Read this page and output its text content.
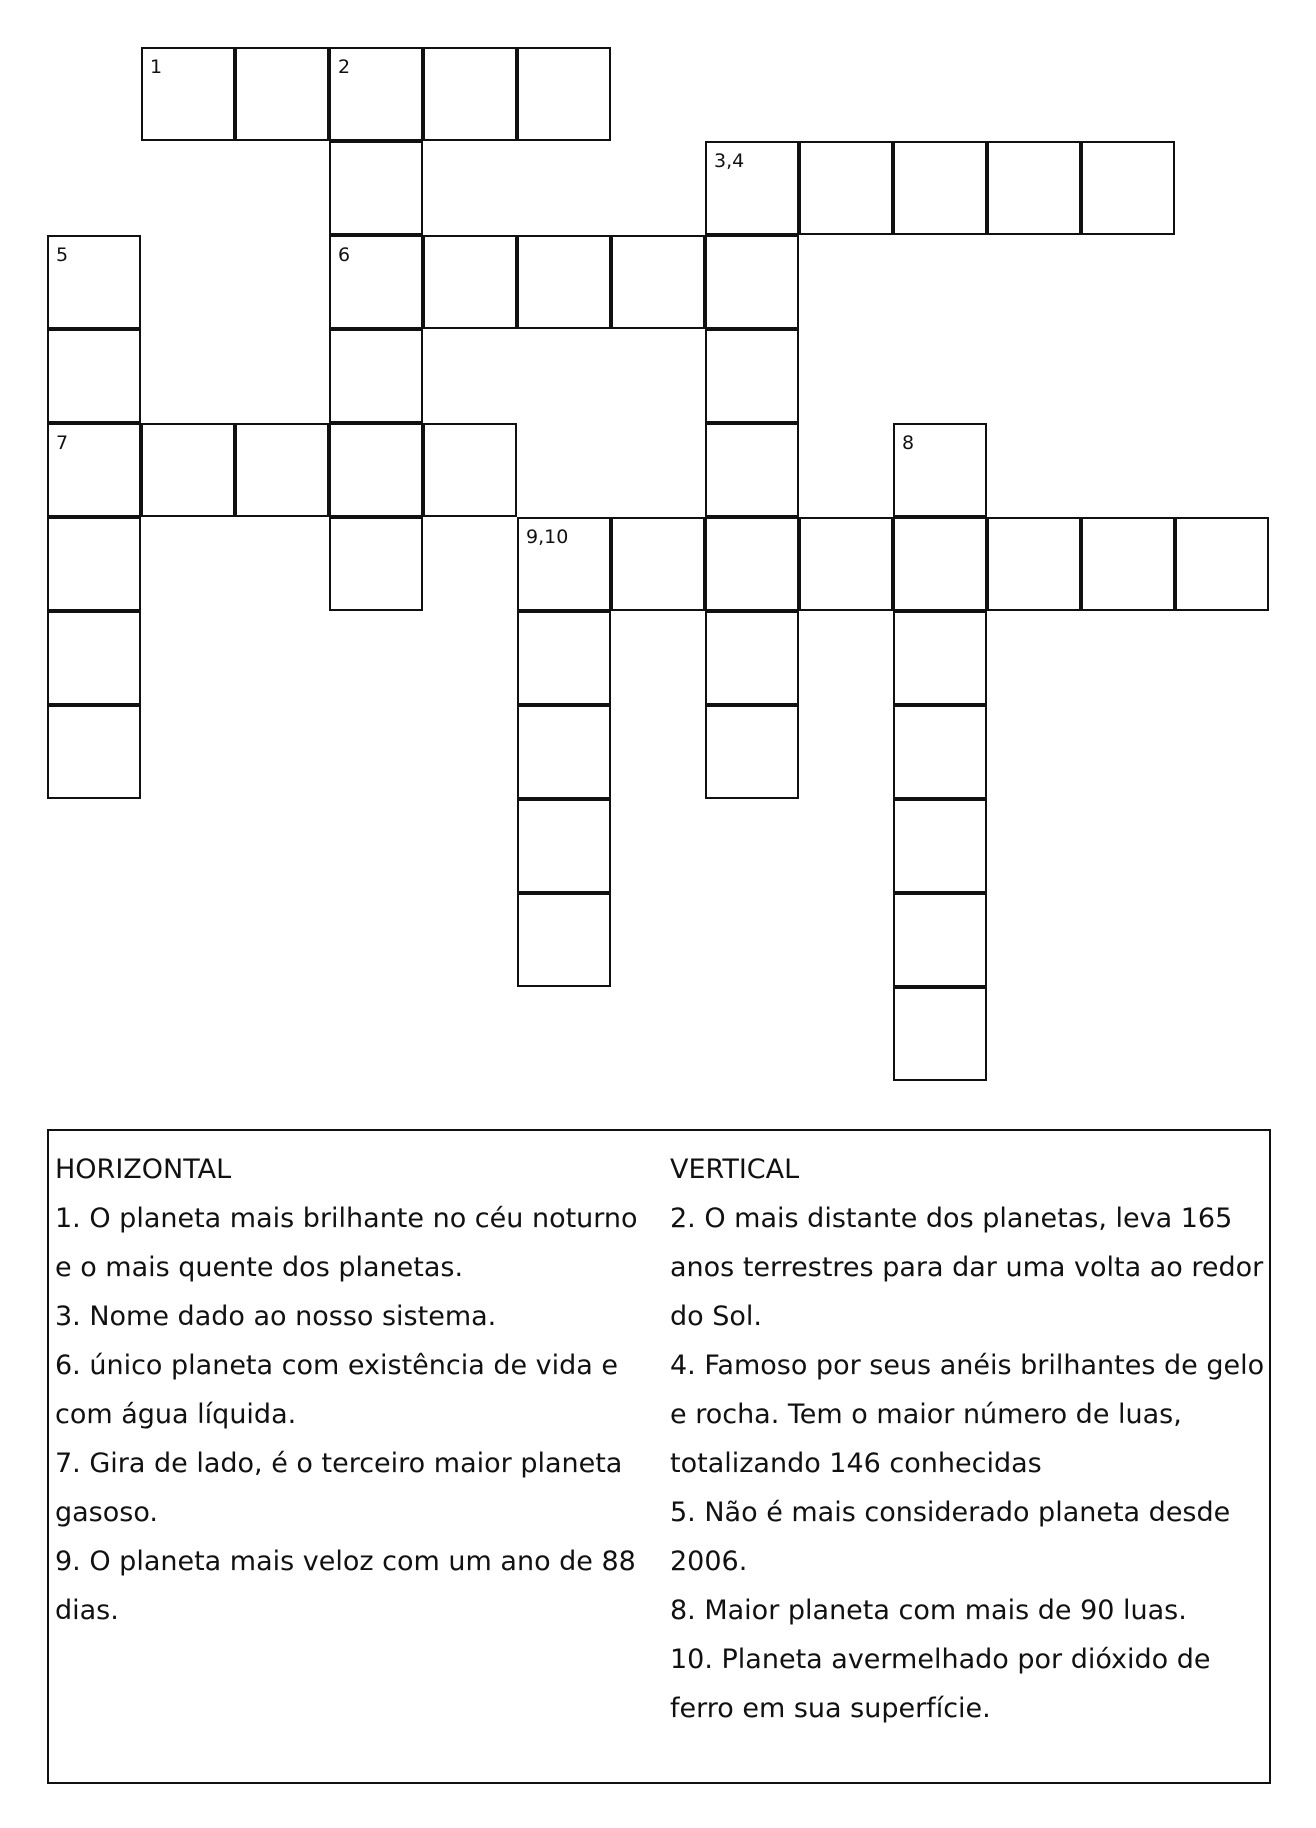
1	2
6
3,4
5
7	8
9,10
HORIZONTAL
1. O planeta mais brilhante no céu noturno
e o mais quente dos planetas.
3. Nome dado ao nosso sistema.
6. único planeta com existência de vida e
com água líquida.
7. Gira de lado, é o terceiro maior planeta
gasoso.
9. O planeta mais veloz com um ano de 88
dias.
VERTICAL
2. O mais distante dos planetas, leva 165
anos terrestres para dar uma volta ao redor
do Sol.
4. Famoso por seus anéis brilhantes de gelo
e rocha. Tem o maior número de luas,
totalizando 146 conhecidas
5. Não é mais considerado planeta desde
2006.
8. Maior planeta com mais de 90 luas.
10. Planeta avermelhado por dióxido de
ferro em sua superfície.
